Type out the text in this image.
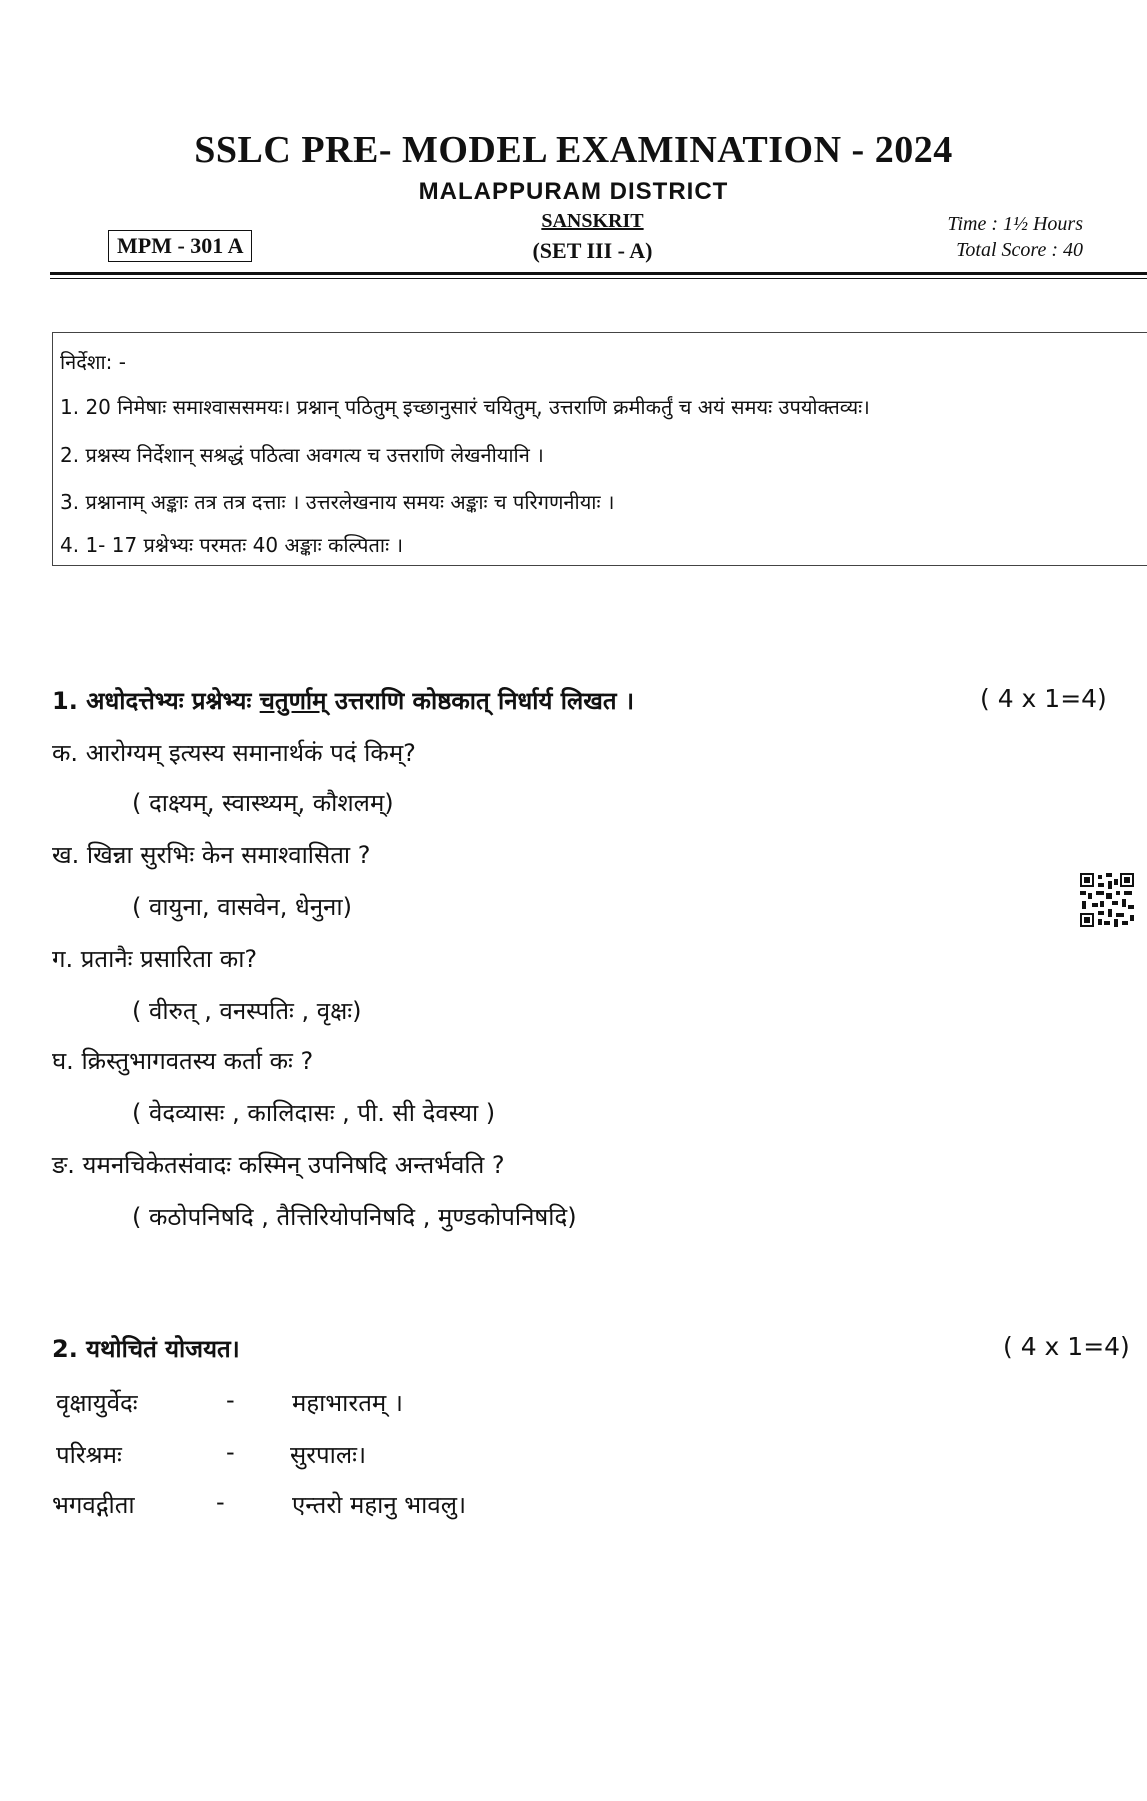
SSLC PRE- MODEL EXAMINATION - 2024
MALAPPURAM DISTRICT
MPM - 301 A
SANSKRIT
(SET III - A)
Time : 1½ Hours
Total Score : 40
निर्देशा: -
1. 20 निमेषाः समाश्वाससमयः। प्रश्नान् पठितुम् इच्छानुसारं चयितुम्, उत्तराणि क्रमीकर्तुं च अयं समयः उपयोक्तव्यः।
2. प्रश्नस्य निर्देशान् सश्रद्धं पठित्वा अवगत्य च उत्तराणि लेखनीयानि ।
3. प्रश्नानाम् अङ्काः तत्र तत्र दत्ताः । उत्तरलेखनाय समयः अङ्काः च परिगणनीयाः ।
4. 1- 17 प्रश्नेभ्यः परमतः 40 अङ्काः कल्पिताः ।
1. अधोदत्तेभ्यः प्रश्नेभ्यः चतुर्णाम् उत्तराणि कोष्ठकात् निर्धार्य लिखत ।	( 4 x 1=4)
क. आरोग्यम् इत्यस्य समानार्थकं पदं किम्?
( दाक्ष्यम्, स्वास्थ्यम्, कौशलम्)
ख. खिन्ना सुरभिः केन समाश्वासिता ?
( वायुना, वासवेन, धेनुना)
ग. प्रतानैः प्रसारिता का?
( वीरुत् , वनस्पतिः , वृक्षः)
घ. क्रिस्तुभागवतस्य कर्ता कः ?
( वेदव्यासः , कालिदासः , पी. सी देवस्या )
ङ. यमनचिकेतसंवादः कस्मिन् उपनिषदि अन्तर्भवति ?
( कठोपनिषदि , तैत्तिरियोपनिषदि , मुण्डकोपनिषदि)
2. यथोचितं योजयत।	( 4 x 1=4)
वृक्षायुर्वेदः	- महाभारतम् ।
परिश्रमः	- सुरपालः।
भगवद्गीता	-	एन्तरो महानु भावलु।
